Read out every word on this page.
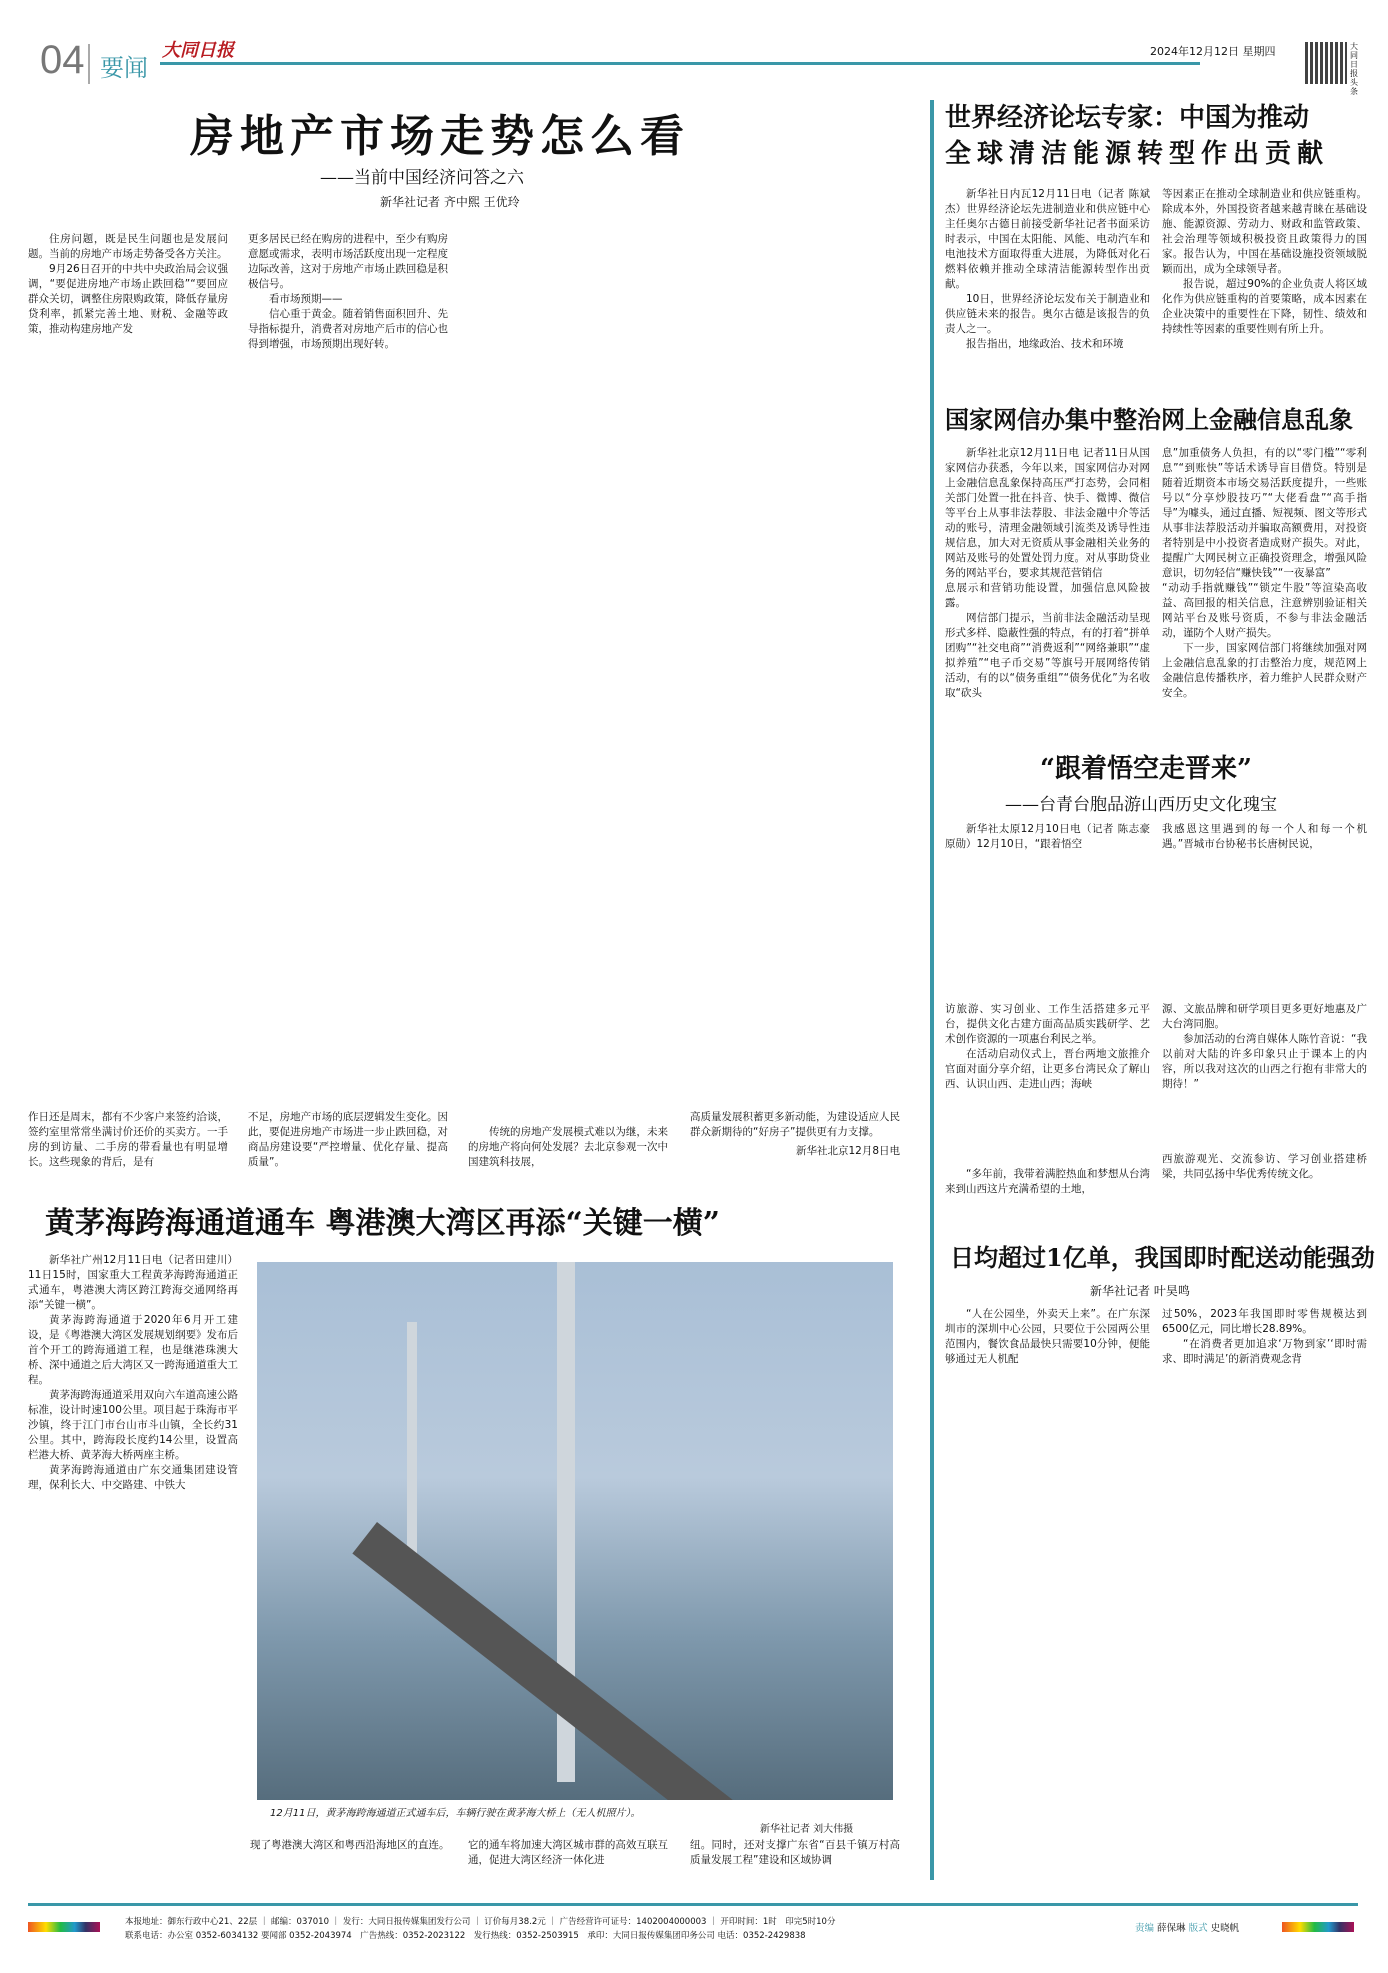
04 要闻
大同日报	2024年12月12日 星期四	大同日报头条
房地产市场走势怎么看
——当前中国经济问答之六
新华社记者 齐中熙 王优玲

住房问题，既是民生问题也是发展问题。当前的房地产市场走势备受各方关注。

9月26日召开的中共中央政治局会议强调，“要促进房地产市场止跌回稳”“要回应群众关切，调整住房限购政策，降低存量房贷利率，抓紧完善土地、财税、金融等政策，推动构建房地产发

更多居民已经在购房的进程中，至少有购房意愿或需求，表明市场活跃度出现一定程度边际改善，这对于房地产市场止跌回稳是积极信号。

看市场预期——

信心重于黄金。随着销售面积回升、先导指标提升，消费者对房地产后市的信心也得到增强，市场预期出现好转。

作日还是周末，都有不少客户来签约洽谈，签约室里常常坐满讨价还价的买卖方。一手房的到访量、二手房的带看量也有明显增长。这些现象的背后，是有

不足，房地产市场的底层逻辑发生变化。因此，要促进房地产市场进一步止跌回稳，对商品房建设要“严控增量、优化存量、提高质量”。

传统的房地产发展模式难以为继，未来的房地产将向何处发展？去北京参观一次中国建筑科技展，

高质量发展积蓄更多新动能，为建设适应人民群众新期待的“好房子”提供更有力支撑。

新华社北京12月8日电

世界经济论坛专家：中国为推动
全球清洁能源转型作出贡献

新华社日内瓦12月11日电（记者 陈斌杰）世界经济论坛先进制造业和供应链中心主任奥尔古德日前接受新华社记者书面采访时表示，中国在太阳能、风能、电动汽车和电池技术方面取得重大进展，为降低对化石燃料依赖并推动全球清洁能源转型作出贡献。

10日，世界经济论坛发布关于制造业和供应链未来的报告。奥尔古德是该报告的负责人之一。

报告指出，地缘政治、技术和环境

等因素正在推动全球制造业和供应链重构。除成本外，外国投资者越来越青睐在基础设施、能源资源、劳动力、财政和监管政策、社会治理等领域积极投资且政策得力的国家。报告认为，中国在基础设施投资领域脱颖而出，成为全球领导者。

报告说，超过90%的企业负责人将区域化作为供应链重构的首要策略，成本因素在企业决策中的重要性在下降，韧性、绩效和持续性等因素的重要性则有所上升。

国家网信办集中整治网上金融信息乱象

新华社北京12月11日电 记者11日从国家网信办获悉，今年以来，国家网信办对网上金融信息乱象保持高压严打态势，会同相关部门处置一批在抖音、快手、微博、微信等平台上从事非法荐股、非法金融中介等活动的账号，清理金融领域引流类及诱导性违规信息，加大对无资质从事金融相关业务的网站及账号的处置处罚力度。对从事助贷业务的网站平台，要求其规范营销信

息展示和营销功能设置，加强信息风险披露。

网信部门提示，当前非法金融活动呈现形式多样、隐蔽性强的特点，有的打着“拼单团购”“社交电商”“消费返利”“网络兼职”“虚拟养殖”“电子币交易”等旗号开展网络传销活动，有的以“债务重组”“债务优化”为名收取“砍头

息”加重债务人负担，有的以“零门槛”“零利息”“到账快”等话术诱导盲目借贷。特别是随着近期资本市场交易活跃度提升，一些账号以“分享炒股技巧”“大佬看盘”“高手指导”为噱头，通过直播、短视频、图文等形式从事非法荐股活动并骗取高额费用，对投资者特别是中小投资者造成财产损失。对此，提醒广大网民树立正确投资理念，增强风险意识，切勿轻信“赚快钱”“一夜暴富”

“动动手指就赚钱”“锁定牛股”等渲染高收益、高回报的相关信息，注意辨别验证相关网站平台及账号资质，不参与非法金融活动，谨防个人财产损失。

下一步，国家网信部门将继续加强对网上金融信息乱象的打击整治力度，规范网上金融信息传播秩序，着力维护人民群众财产安全。

“跟着悟空走晋来”
——台青台胞品游山西历史文化瑰宝

新华社太原12月10日电（记者 陈志豪 原勋）12月10日，“跟着悟空

访旅游、实习创业、工作生活搭建多元平台，提供文化古建方面高品质实践研学、艺术创作资源的一项惠台利民之举。

在活动启动仪式上，晋台两地文旅推介官面对面分享介绍，让更多台湾民众了解山西、认识山西、走进山西；海峡

“多年前，我带着满腔热血和梦想从台湾来到山西这片充满希望的土地，

我感恩这里遇到的每一个人和每一个机遇。”晋城市台协秘书长唐树民说，

源、文旅品牌和研学项目更多更好地惠及广大台湾同胞。

参加活动的台湾自媒体人陈竹音说：“我以前对大陆的许多印象只止于课本上的内容，所以我对这次的山西之行抱有非常大的期待！”

西旅游观光、交流参访、学习创业搭建桥梁，共同弘扬中华优秀传统文化。

黄茅海跨海通道通车 粤港澳大湾区再添“关键一横”

新华社广州12月11日电（记者田建川）11日15时，国家重大工程黄茅海跨海通道正式通车，粤港澳大湾区跨江跨海交通网络再添“关键一横”。

黄茅海跨海通道于2020年6月开工建设，是《粤港澳大湾区发展规划纲要》发布后首个开工的跨海通道工程，也是继港珠澳大桥、深中通道之后大湾区又一跨海通道重大工程。

黄茅海跨海通道采用双向六车道高速公路标准，设计时速100公里。项目起于珠海市平沙镇，终于江门市台山市斗山镇，全长约31公里。其中，跨海段长度约14公里，设置高栏港大桥、黄茅海大桥两座主桥。

黄茅海跨海通道由广东交通集团建设管理，保利长大、中交路建、中铁大

12月11日，黄茅海跨海通道正式通车后，车辆行驶在黄茅海大桥上（无人机照片）。
新华社记者 刘大伟摄

现了粤港澳大湾区和粤西沿海地区的直连。 它的通车将加速大湾区城市群的高效互联互通，促进大湾区经济一体化进

纽。同时，还对支撑广东省“百县千镇万村高质量发展工程”建设和区域协调

日均超过1亿单，我国即时配送动能强劲
新华社记者 叶昊鸣

“人在公园坐，外卖天上来”。在广东深圳市的深圳中心公园，只要位于公园两公里范围内，餐饮食品最快只需要10分钟，便能够通过无人机配

过50%，2023年我国即时零售规模达到6500亿元，同比增长28.89%。

“在消费者更加追求‘万物到家’‘即时需求、即时满足’的新消费观念背

本报地址：御东行政中心21、22层 ｜ 邮编：037010 ｜ 发行：大同日报传媒集团发行公司 ｜ 订价每月38.2元 ｜ 广告经营许可证号：1402004000003 ｜ 开印时间：1时　印完5时10分
联系电话：办公室 0352-6034132 要闻部 0352-2043974　广告热线：0352-2023122　发行热线：0352-2503915　承印：大同日报传媒集团印务公司 电话：0352-2429838
责编 薛保琳 版式 史晓帆
